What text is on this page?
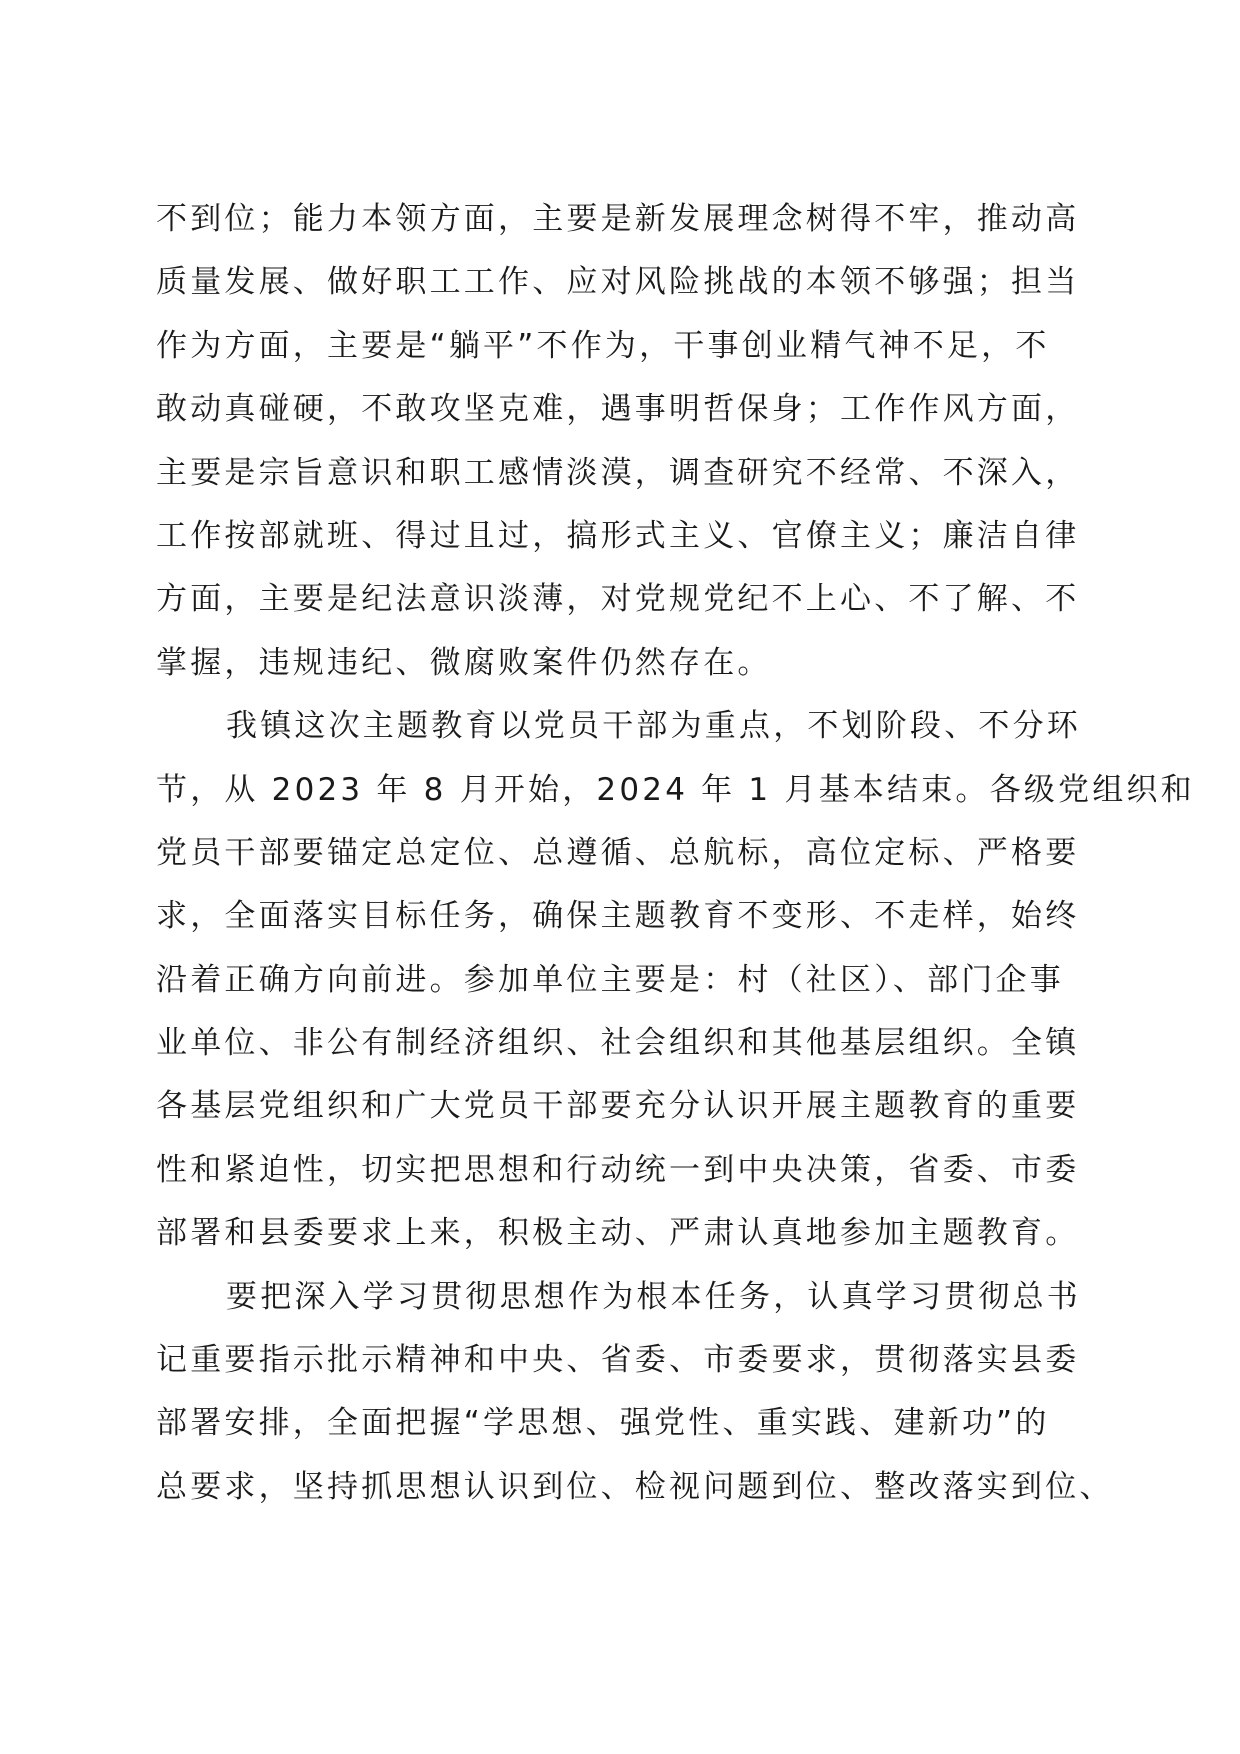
不到位；能力本领方面，主要是新发展理念树得不牢，推动高
质量发展、做好职工工作、应对风险挑战的本领不够强；担当
作为方面，主要是“躺平”不作为，干事创业精气神不足，不
敢动真碰硬，不敢攻坚克难，遇事明哲保身；工作作风方面，
主要是宗旨意识和职工感情淡漠，调查研究不经常、不深入，
工作按部就班、得过且过，搞形式主义、官僚主义；廉洁自律
方面，主要是纪法意识淡薄，对党规党纪不上心、不了解、不
掌握，违规违纪、微腐败案件仍然存在。
我镇这次主题教育以党员干部为重点，不划阶段、不分环
节，从 2023 年 8 月开始，2024 年 1 月基本结束。各级党组织和
党员干部要锚定总定位、总遵循、总航标，高位定标、严格要
求，全面落实目标任务，确保主题教育不变形、不走样，始终
沿着正确方向前进。参加单位主要是：村（社区）、部门企事
业单位、非公有制经济组织、社会组织和其他基层组织。全镇
各基层党组织和广大党员干部要充分认识开展主题教育的重要
性和紧迫性，切实把思想和行动统一到中央决策，省委、市委
部署和县委要求上来，积极主动、严肃认真地参加主题教育。
要把深入学习贯彻思想作为根本任务，认真学习贯彻总书
记重要指示批示精神和中央、省委、市委要求，贯彻落实县委
部署安排，全面把握“学思想、强党性、重实践、建新功”的
总要求，坚持抓思想认识到位、检视问题到位、整改落实到位、
